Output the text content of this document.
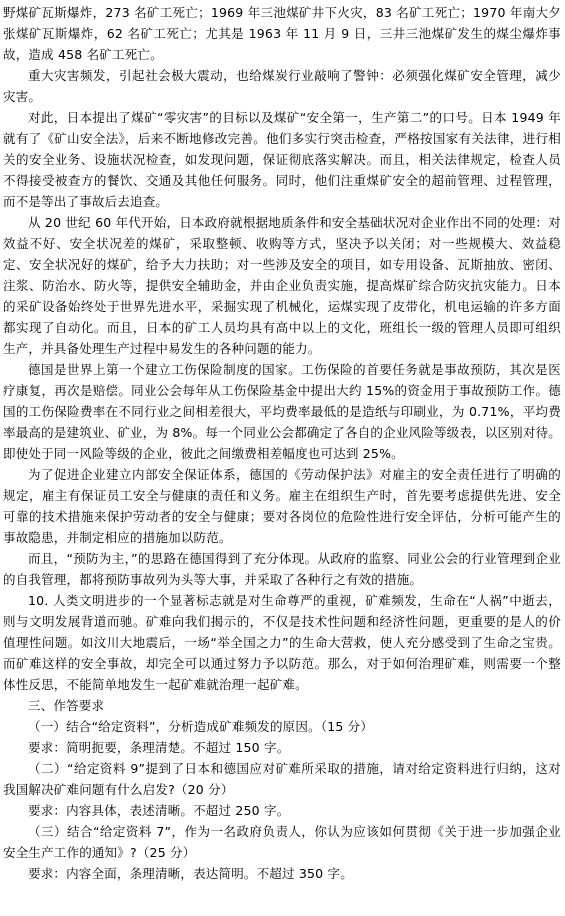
野煤矿瓦斯爆炸，273 名矿工死亡；1969 年三池煤矿井下火灾，83 名矿工死亡；1970 年南大夕张煤矿瓦斯爆炸，62 名矿工死亡；尤其是 1963 年 11 月 9 日，三井三池煤矿发生的煤尘爆炸事故，造成 458 名矿工死亡。

重大灾害频发，引起社会极大震动，也给煤炭行业敲响了警钟：必须强化煤矿安全管理，减少灾害。

对此，日本提出了煤矿“零灾害”的目标以及煤矿“安全第一，生产第二”的口号。日本 1949 年就有了《矿山安全法》，后来不断地修改完善。他们多实行突击检查，严格按国家有关法律，进行相关的安全业务、设施状况检查，如发现问题，保证彻底落实解决。而且，相关法律规定，检查人员不得接受被查方的餐饮、交通及其他任何服务。同时，他们注重煤矿安全的超前管理、过程管理，而不是等出了事故后去追查。

从 20 世纪 60 年代开始，日本政府就根据地质条件和安全基础状况对企业作出不同的处理：对效益不好、安全状况差的煤矿，采取整顿、收购等方式，坚决予以关闭；对一些规模大、效益稳定、安全状况好的煤矿，给予大力扶助；对一些涉及安全的项目，如专用设备、瓦斯抽放、密闭、注浆、防治水、防火等，提供安全辅助金，并由企业负责实施，提高煤矿综合防灾抗灾能力。日本的采矿设备始终处于世界先进水平，采掘实现了机械化，运煤实现了皮带化，机电运输的许多方面都实现了自动化。而且，日本的矿工人员均具有高中以上的文化，班组长一级的管理人员即可组织生产，并具备处理生产过程中易发生的各种问题的能力。

德国是世界上第一个建立工伤保险制度的国家。工伤保险的首要任务就是事故预防，其次是医疗康复，再次是赔偿。同业公会每年从工伤保险基金中提出大约 15%的资金用于事故预防工作。德国的工伤保险费率在不同行业之间相差很大，平均费率最低的是造纸与印刷业，为 0.71%，平均费率最高的是建筑业、矿业，为 8%。每一个同业公会都确定了各自的企业风险等级表，以区别对待。即使处于同一风险等级的企业，彼此之间缴费相差幅度也可达到 25%。

为了促进企业建立内部安全保证体系，德国的《劳动保护法》对雇主的安全责任进行了明确的规定，雇主有保证员工安全与健康的责任和义务。雇主在组织生产时，首先要考虑提供先进、安全可靠的技术措施来保护劳动者的安全与健康；要对各岗位的危险性进行安全评估，分析可能产生的事故隐患，并制定相应的措施加以防范。

而且，“预防为主，”的思路在德国得到了充分体现。从政府的监察、同业公会的行业管理到企业的自我管理，都将预防事故列为头等大事，并采取了各种行之有效的措施。

10. 人类文明进步的一个显著标志就是对生命尊严的重视，矿难频发，生命在“人祸”中逝去，则与文明发展背道而驰。矿难向我们揭示的，不仅是技术性问题和经济性问题，更重要的是人的价值理性问题。如汶川大地震后，一场“举全国之力”的生命大营救，使人充分感受到了生命之宝贵。而矿难这样的安全事故，却完全可以通过努力予以防范。那么，对于如何治理矿难，则需要一个整体性反思，不能简单地发生一起矿难就治理一起矿难。

三、作答要求

（一）结合“给定资料”，分析造成矿难频发的原因。（15 分）

要求：简明扼要，条理清楚。不超过 150 字。

（二）“给定资料 9”提到了日本和德国应对矿难所采取的措施，请对给定资料进行归纳，这对我国解决矿难问题有什么启发?（20 分）

要求：内容具体，表述清晰。不超过 250 字。

（三）结合“给定资料 7”，作为一名政府负责人，你认为应该如何贯彻《关于进一步加强企业安全生产工作的通知》?（25 分）

要求：内容全面，条理清晰，表达简明。不超过 350 字。
